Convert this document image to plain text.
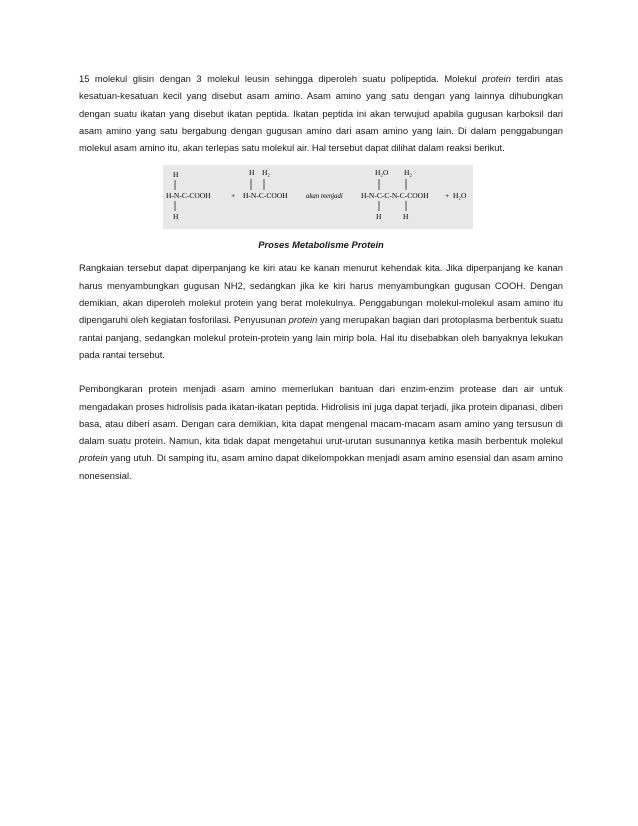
15 molekul glisin dengan 3 molekul leusin sehingga diperoleh suatu polipeptida. Molekul protein terdiri atas kesatuan-kesatuan kecil yang disebut asam amino. Asam amino yang satu dengan yang lainnya dihubungkan dengan suatu ikatan yang disebut ikatan peptida. Ikatan peptida ini akan terwujud apabila gugusan karboksil dari asam amino yang satu bergabung dengan gugusan amino dari asam amino yang lain. Di dalam penggabungan molekul asam amino itu, akan terlepas satu molekul air. Hal tersebut dapat dilihat dalam reaksi berikut.

H
H-N-C-COOH
H
+
H H₂
H-N-C-COOH	akan menjadi
H₂O H₂
H-N-C-C-N-C-COOH
H	H
+ H₂O
Proses Metabolisme Protein

Rangkaian tersebut dapat diperpanjang ke kiri atau ke kanan menurut kehendak kita. Jika diperpanjang ke kanan harus menyambungkan gugusan NH2, sedangkan jika ke kiri harus menyambungkan gugusan COOH. Dengan demikian, akan diperoleh molekul protein yang berat molekulnya. Penggabungan molekul-molekul asam amino itu dipengaruhi oleh kegiatan fosforilasi. Penyusunan protein yang merupakan bagian dari protoplasma berbentuk suatu rantai panjang, sedangkan molekul protein-protein yang lain mirip bola. Hal itu disebabkan oleh banyaknya lekukan pada rantai tersebut.

Pembongkaran protein menjadi asam amino memerlukan bantuan dari enzim-enzim protease dan air untuk mengadakan proses hidrolisis pada ikatan-ikatan peptida. Hidrolisis ini juga dapat terjadi, jika protein dipanasi, diberi basa, atau diberi asam. Dengan cara demikian, kita dapat mengenal macam-macam asam amino yang tersusun di dalam suatu protein. Namun, kita tidak dapat mengetahui urut-urutan susunannya ketika masih berbentuk molekul protein yang utuh. Di samping itu, asam amino dapat dikelompokkan menjadi asam amino esensial dan asam amino nonesensial.
